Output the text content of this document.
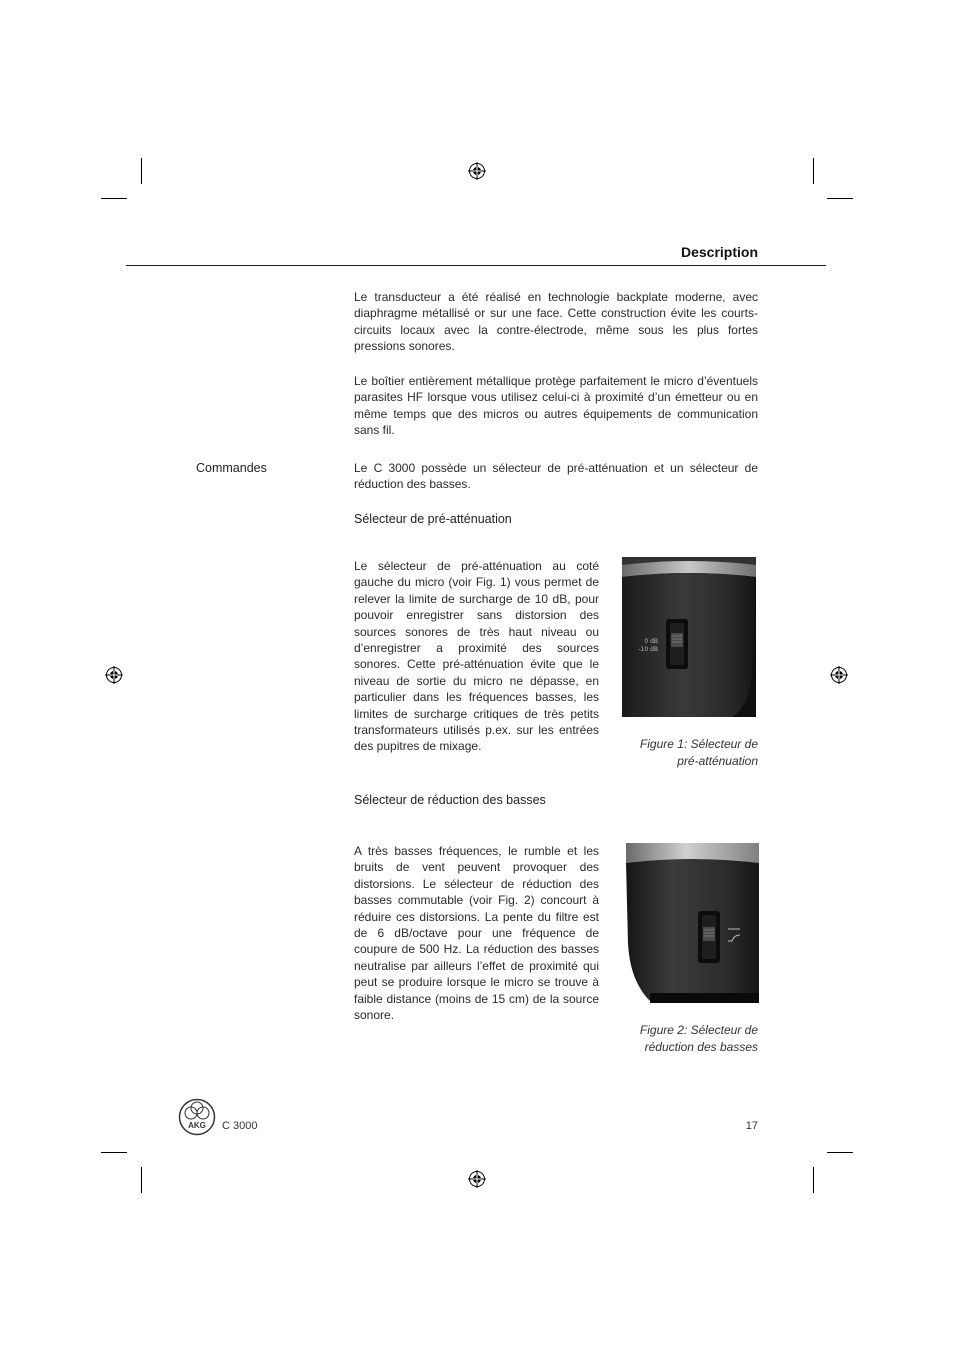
Description

Le transducteur a été réalisé en technologie backplate moderne, avec diaphragme métallisé or sur une face. Cette construction évite les courts-circuits locaux avec la contre-électrode, même sous les plus fortes pressions sonores.

Le boîtier entièrement métallique protège parfaitement le micro d’éventuels parasites HF lorsque vous utilisez celui-ci à proximité d’un émetteur ou en même temps que des micros ou autres équipements de communication sans fil.

Commandes	Le C 3000 possède un sélecteur de pré-atténuation et un sélecteur de réduction des basses.

Sélecteur de pré-atténuation

Le sélecteur de pré-atténuation au coté gauche du micro (voir Fig. 1) vous permet de relever la limite de surcharge de 10 dB, pour pouvoir enregistrer sans distorsion des sources sonores de très haut niveau ou d’enregistrer a proximité des sources sonores. Cette pré-atténuation évite que le niveau de sortie du micro ne dépasse, en particulier dans les fréquences basses, les limites de surcharge critiques de très petits transformateurs utilisés p.ex. sur les entrées des pupitres de mixage.

0 dB
-10 dB
Figure 1: Sélecteur de
pré-atténuation
Sélecteur de réduction des basses

A très basses fréquences, le rumble et les bruits de vent peuvent provoquer des distorsions. Le sélecteur de réduction des basses commutable (voir Fig. 2) concourt à réduire ces distorsions. La pente du filtre est de 6 dB/octave pour une fréquence de coupure de 500 Hz. La réduction des basses neutralise par ailleurs l’effet de proximité qui peut se produire lorsque le micro se trouve à faible distance (moins de 15 cm) de la source sonore.

Figure 2: Sélecteur de
réduction des basses
AKG C 3000	17
